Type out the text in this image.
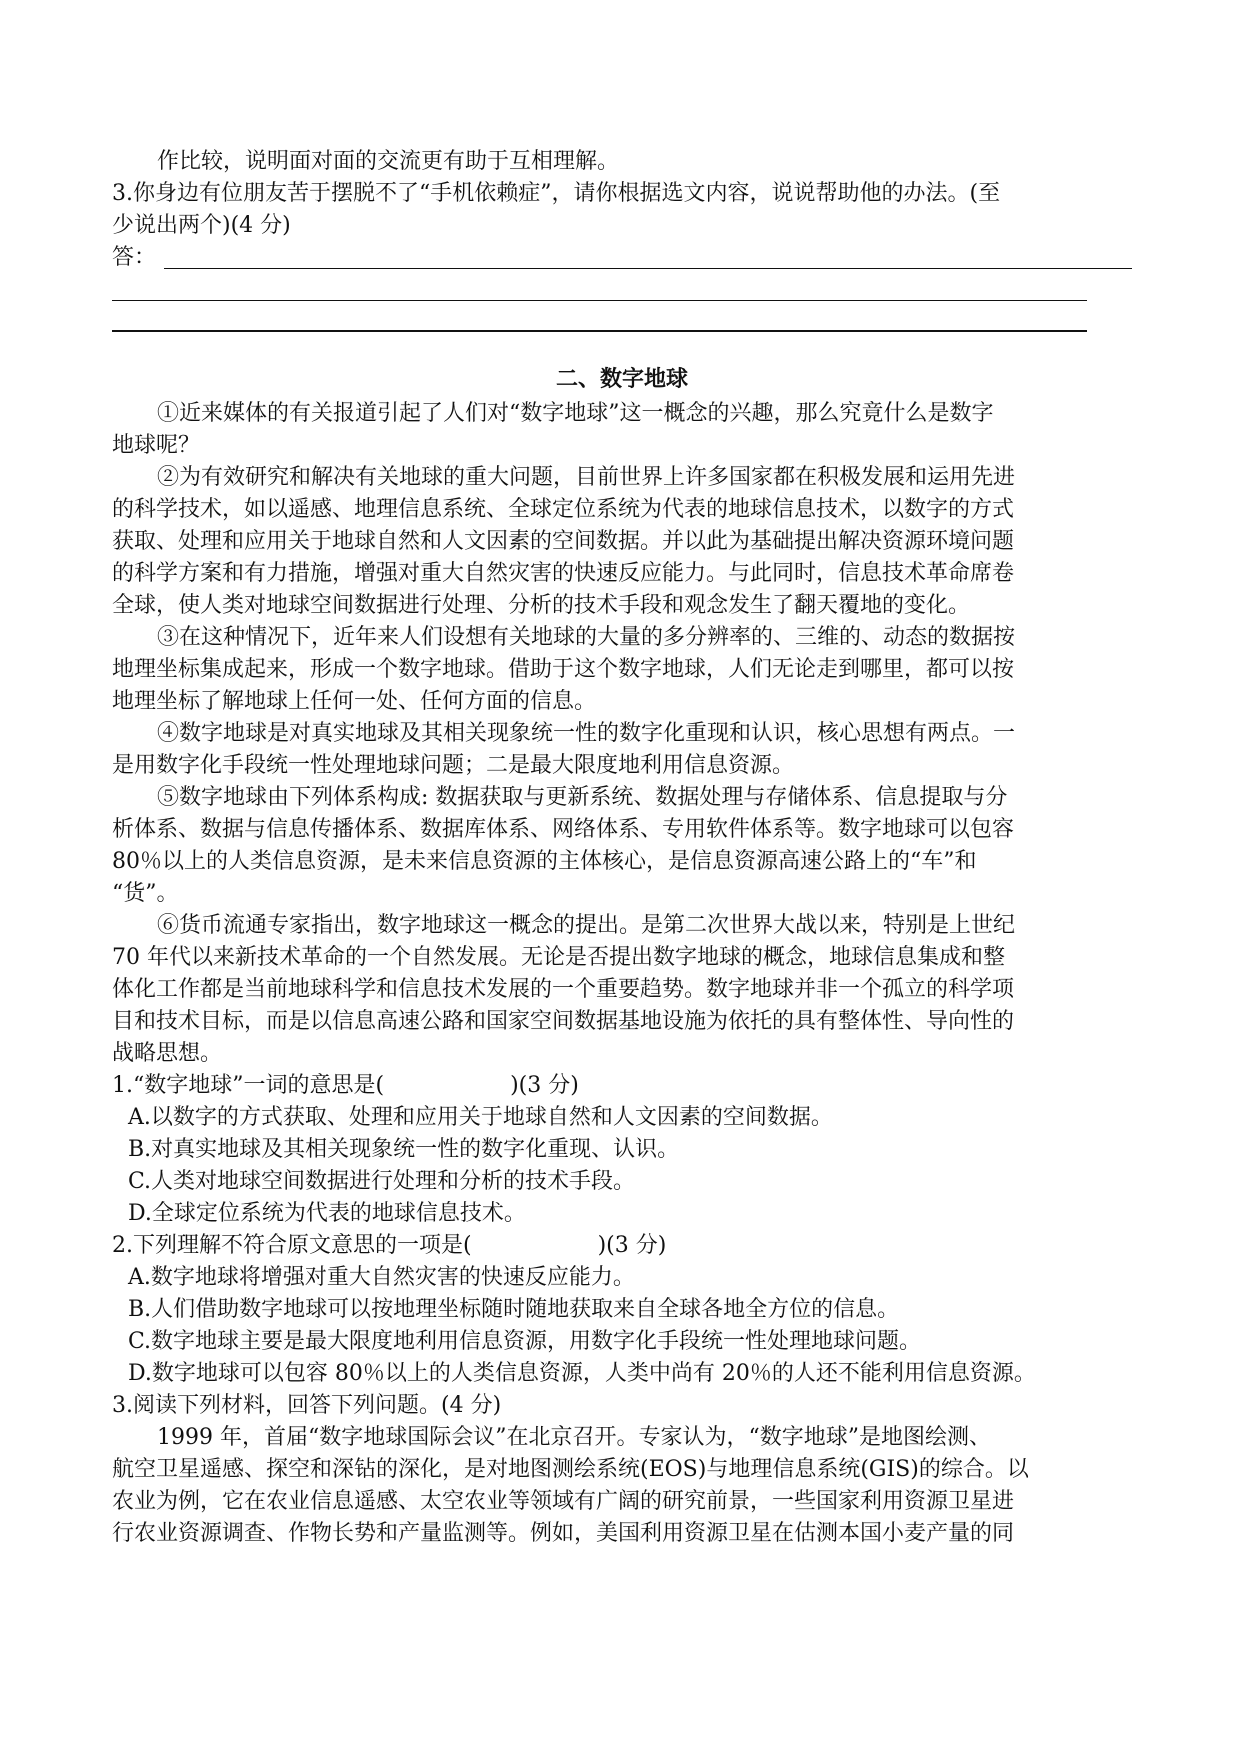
作比较，说明面对面的交流更有助于互相理解。
3.你身边有位朋友苦于摆脱不了“手机依赖症”，请你根据选文内容，说说帮助他的办法。(至
少说出两个)(4 分)
答：
二、数字地球
①近来媒体的有关报道引起了人们对“数字地球”这一概念的兴趣，那么究竟什么是数字
地球呢？
②为有效研究和解决有关地球的重大问题，目前世界上许多国家都在积极发展和运用先进
的科学技术，如以遥感、地理信息系统、全球定位系统为代表的地球信息技术，以数字的方式
获取、处理和应用关于地球自然和人文因素的空间数据。并以此为基础提出解决资源环境问题
的科学方案和有力措施，增强对重大自然灾害的快速反应能力。与此同时，信息技术革命席卷
全球，使人类对地球空间数据进行处理、分析的技术手段和观念发生了翻天覆地的变化。
③在这种情况下，近年来人们设想有关地球的大量的多分辨率的、三维的、动态的数据按
地理坐标集成起来，形成一个数字地球。借助于这个数字地球，人们无论走到哪里，都可以按
地理坐标了解地球上任何一处、任何方面的信息。
④数字地球是对真实地球及其相关现象统一性的数字化重现和认识，核心思想有两点。一
是用数字化手段统一性处理地球问题；二是最大限度地利用信息资源。
⑤数字地球由下列体系构成: 数据获取与更新系统、数据处理与存储体系、信息提取与分
析体系、数据与信息传播体系、数据库体系、网络体系、专用软件体系等。数字地球可以包容
80％以上的人类信息资源，是未来信息资源的主体核心，是信息资源高速公路上的“车”和
“货”。
⑥货币流通专家指出，数字地球这一概念的提出。是第二次世界大战以来，特别是上世纪
70 年代以来新技术革命的一个自然发展。无论是否提出数字地球的概念，地球信息集成和整
体化工作都是当前地球科学和信息技术发展的一个重要趋势。数字地球并非一个孤立的科学项
目和技术目标，而是以信息高速公路和国家空间数据基地设施为依托的具有整体性、导向性的
战略思想。
1.“数字地球”一词的意思是(	)(3 分)
A.以数字的方式获取、处理和应用关于地球自然和人文因素的空间数据。
B.对真实地球及其相关现象统一性的数字化重现、认识。
C.人类对地球空间数据进行处理和分析的技术手段。
D.全球定位系统为代表的地球信息技术。
2.下列理解不符合原文意思的一项是(	)(3 分)
A.数字地球将增强对重大自然灾害的快速反应能力。
B.人们借助数字地球可以按地理坐标随时随地获取来自全球各地全方位的信息。
C.数字地球主要是最大限度地利用信息资源，用数字化手段统一性处理地球问题。
D.数字地球可以包容 80％以上的人类信息资源，人类中尚有 20％的人还不能利用信息资源。
3.阅读下列材料，回答下列问题。(4 分)
1999 年，首届“数字地球国际会议”在北京召开。专家认为，“数字地球”是地图绘测、
航空卫星遥感、探空和深钻的深化，是对地图测绘系统(EOS)与地理信息系统(GIS)的综合。以
农业为例，它在农业信息遥感、太空农业等领域有广阔的研究前景，一些国家利用资源卫星进
行农业资源调查、作物长势和产量监测等。例如，美国利用资源卫星在估测本国小麦产量的同
